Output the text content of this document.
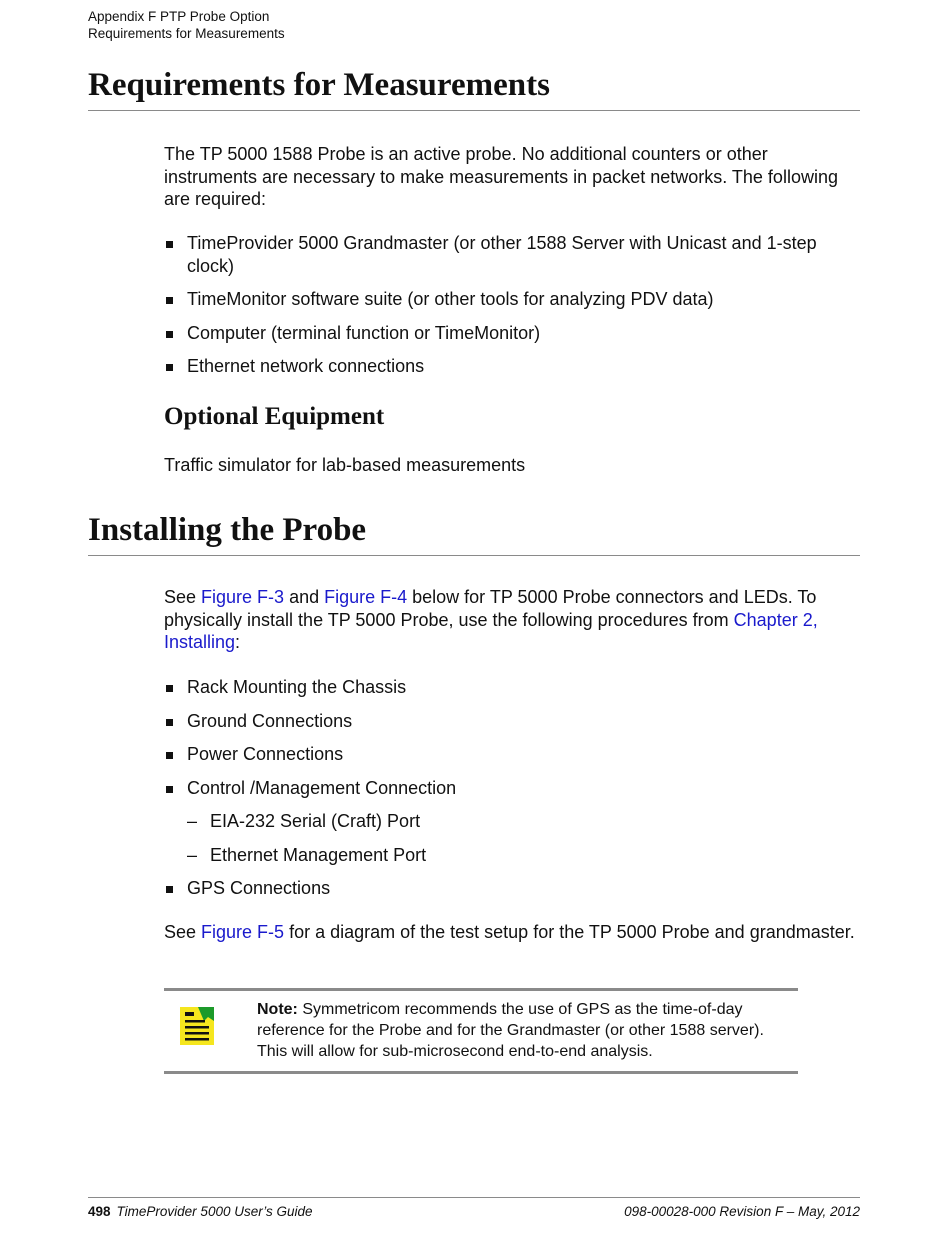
Appendix F PTP Probe Option
Requirements for Measurements
Requirements for Measurements
The TP 5000 1588 Probe is an active probe. No additional counters or other instruments are necessary to make measurements in packet networks. The following are required:
TimeProvider 5000 Grandmaster (or other 1588 Server with Unicast and 1-step clock)
TimeMonitor software suite (or other tools for analyzing PDV data)
Computer (terminal function or TimeMonitor)
Ethernet network connections
Optional Equipment
Traffic simulator for lab-based measurements
Installing the Probe
See Figure F-3 and Figure F-4 below for TP 5000 Probe connectors and LEDs. To physically install the TP 5000 Probe, use the following procedures from Chapter 2, Installing:
Rack Mounting the Chassis
Ground Connections
Power Connections
Control /Management Connection
– EIA-232 Serial (Craft) Port
– Ethernet Management Port
GPS Connections
See Figure F-5 for a diagram of the test setup for the TP 5000 Probe and grandmaster.
Note: Symmetricom recommends the use of GPS as the time-of-day reference for the Probe and for the Grandmaster (or other 1588 server). This will allow for sub-microsecond end-to-end analysis.
498 TimeProvider 5000 User’s Guide	098-00028-000 Revision F – May, 2012
